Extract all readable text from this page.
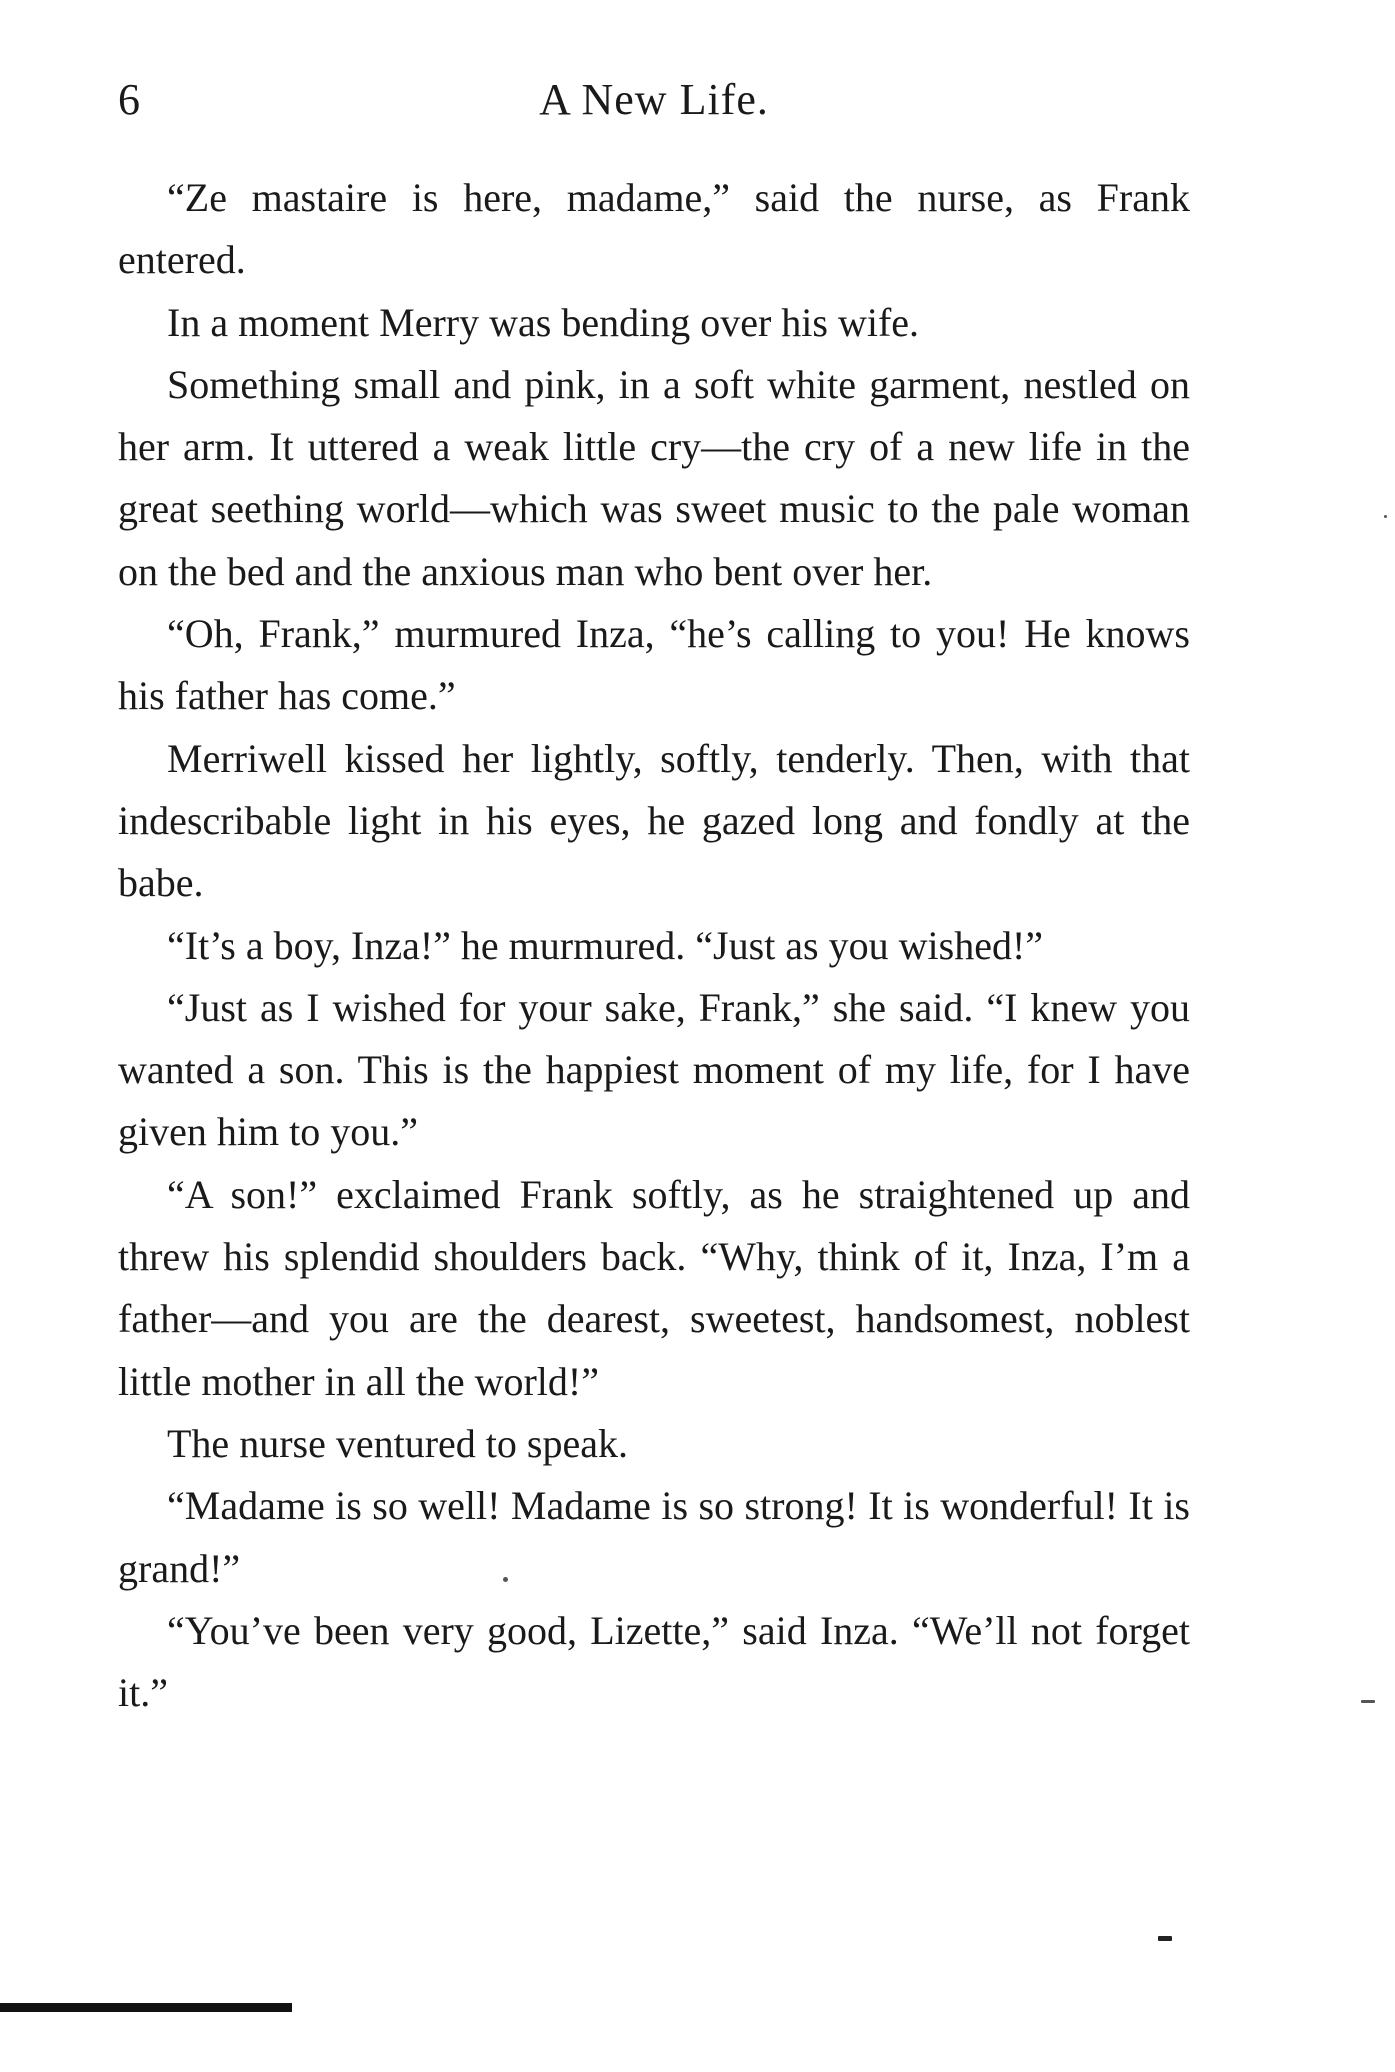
6	A New Life.

“Ze mastaire is here, madame,” said the nurse, as Frank entered.

In a moment Merry was bending over his wife.

Something small and pink, in a soft white garment, nestled on her arm. It uttered a weak little cry—the cry of a new life in the great seething world—which was sweet music to the pale woman on the bed and the anxious man who bent over her.

“Oh, Frank,” murmured Inza, “he’s calling to you! He knows his father has come.”

Merriwell kissed her lightly, softly, tenderly. Then, with that indescribable light in his eyes, he gazed long and fondly at the babe.

“It’s a boy, Inza!” he murmured. “Just as you wished!”

“Just as I wished for your sake, Frank,” she said. “I knew you wanted a son. This is the happiest moment of my life, for I have given him to you.”

“A son!” exclaimed Frank softly, as he straightened up and threw his splendid shoulders back. “Why, think of it, Inza, I’m a father—and you are the dearest, sweetest, handsomest, noblest little mother in all the world!”

The nurse ventured to speak.

“Madame is so well! Madame is so strong! It is wonderful! It is grand!”

“You’ve been very good, Lizette,” said Inza. “We’ll not forget it.”
